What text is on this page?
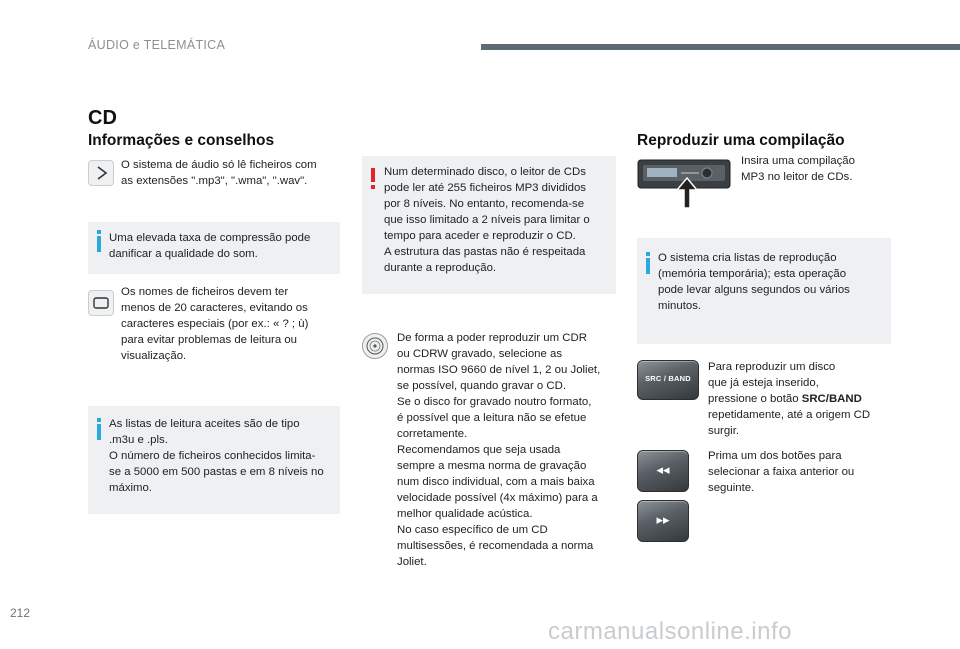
ÁUDIO e TELEMÁTICA
CD
Informações e conselhos
O sistema de áudio só lê ficheiros com
as extensões ".mp3", ".wma", ".wav".
Uma elevada taxa de compressão pode
danificar a qualidade do som.
Os nomes de ficheiros devem ter
menos de 20 caracteres, evitando os
caracteres especiais (por ex.: « ? ; ù)
para evitar problemas de leitura ou
visualização.
As listas de leitura aceites são de tipo
.m3u e .pls.
O número de ficheiros conhecidos limita-
se a 5000 em 500 pastas e em 8 níveis no
máximo.
Num determinado disco, o leitor de CDs
pode ler até 255 ficheiros MP3 divididos
por 8 níveis. No entanto, recomenda-se
que isso limitado a 2 níveis para limitar o
tempo para aceder e reproduzir o CD.
A estrutura das pastas não é respeitada
durante a reprodução.
De forma a poder reproduzir um CDR
ou CDRW gravado, selecione as
normas ISO 9660 de nível 1, 2 ou Joliet,
se possível, quando gravar o CD.
Se o disco for gravado noutro formato,
é possível que a leitura não se efetue
corretamente.
Recomendamos que seja usada
sempre a mesma norma de gravação
num disco individual, com a mais baixa
velocidade possível (4x máximo) para a
melhor qualidade acústica.
No caso específico de um CD
multisessões, é recomendada a norma
Joliet.
Reproduzir uma compilação
Insira uma compilação
MP3 no leitor de CDs.
O sistema cria listas de reprodução
(memória temporária); esta operação
pode levar alguns segundos ou vários
minutos.
SRC / BAND
Para reproduzir um disco
que já esteja inserido,
pressione o botão SRC/BAND
repetidamente, até a origem CD
surgir.
◂◂
▸▸
Prima um dos botões para
selecionar a faixa anterior ou
seguinte.
212
carmanualsonline.info
